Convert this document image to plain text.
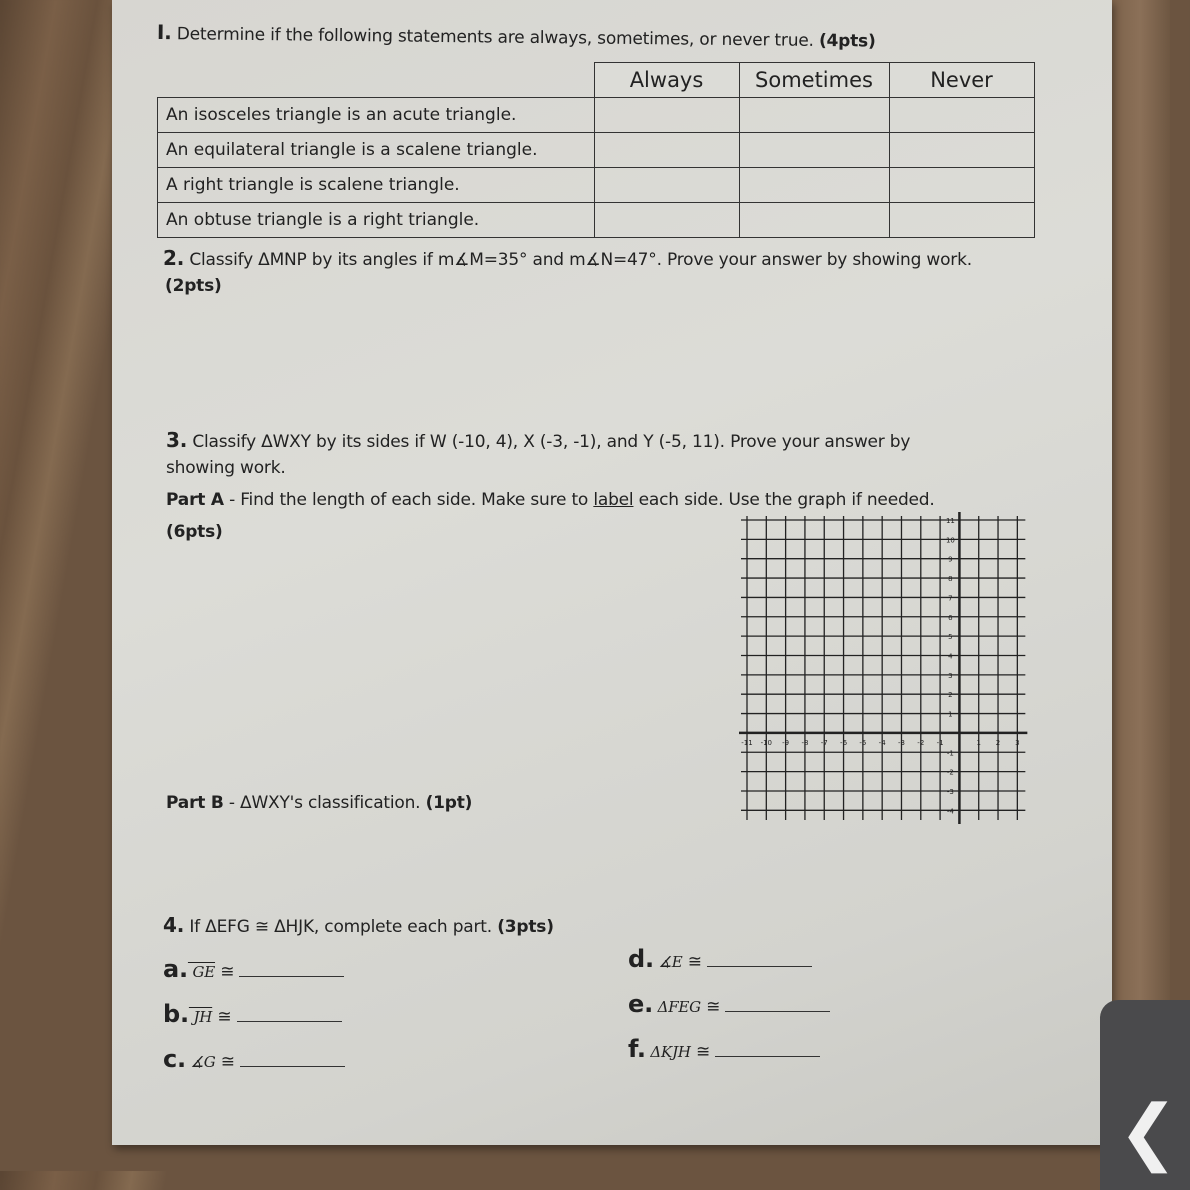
I. Determine if the following statements are always, sometimes, or never true. (4pts)
	Always	Sometimes	Never
An isosceles triangle is an acute triangle.			
An equilateral triangle is a scalene triangle.			
A right triangle is scalene triangle.			
An obtuse triangle is a right triangle.			
2. Classify ΔMNP by its angles if m∡M=35° and m∡N=47°. Prove your answer by showing work.
(2pts)
3. Classify ΔWXY by its sides if W (-10, 4), X (-3, -1), and Y (-5, 11). Prove your answer by
showing work.
Part A - Find the length of each side. Make sure to label each side. Use the graph if needed.
(6pts)
Part B - ΔWXY's classification. (1pt)
-11 -10 -9 -8 -7 -6 -5 -4 -3 -2 -1	1 2 3
11
10
9
8
7
6
5
4
3
2
1
-1
-2
-3
-4
4. If ΔEFG ≅ ΔHJK, complete each part. (3pts)
a. GE ≅
b. JH ≅
c. ∡G ≅
d. ∡E ≅
e. ΔFEG ≅
f. ΔKJH ≅
❮
